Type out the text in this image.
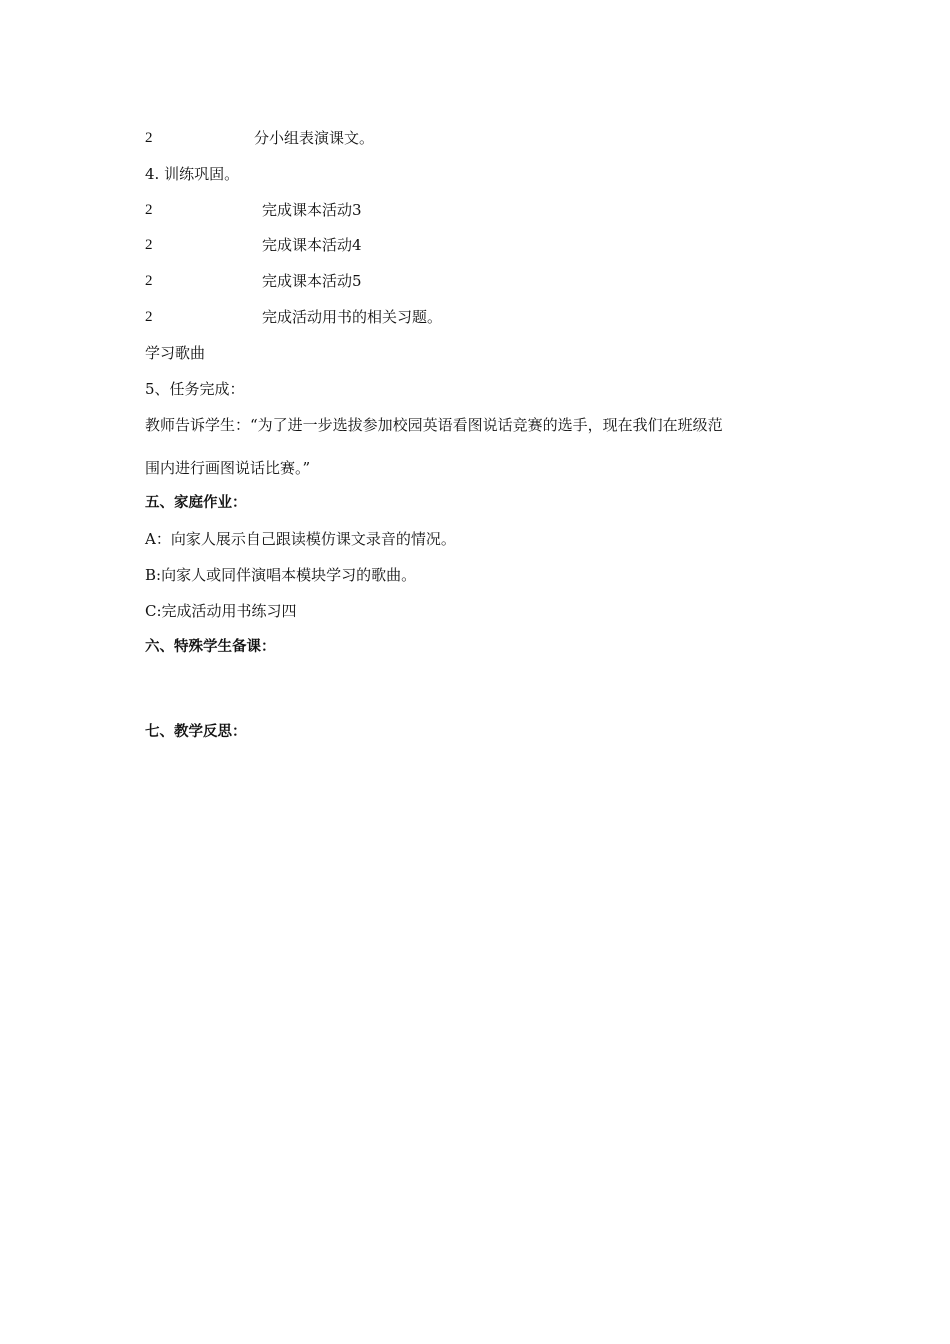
2	分小组表演课文。
4. 训练巩固。
2	完成课本活动3
2	完成课本活动4
2	完成课本活动5
2	完成活动用书的相关习题。
学习歌曲
5、任务完成：
教师告诉学生：“为了进一步选拔参加校园英语看图说话竞赛的选手，现在我们在班级范
围内进行画图说话比赛。”
五、家庭作业：
A：向家人展示自己跟读模仿课文录音的情况。
B:向家人或同伴演唱本模块学习的歌曲。
C:完成活动用书练习四
六、特殊学生备课：
七、教学反思：
